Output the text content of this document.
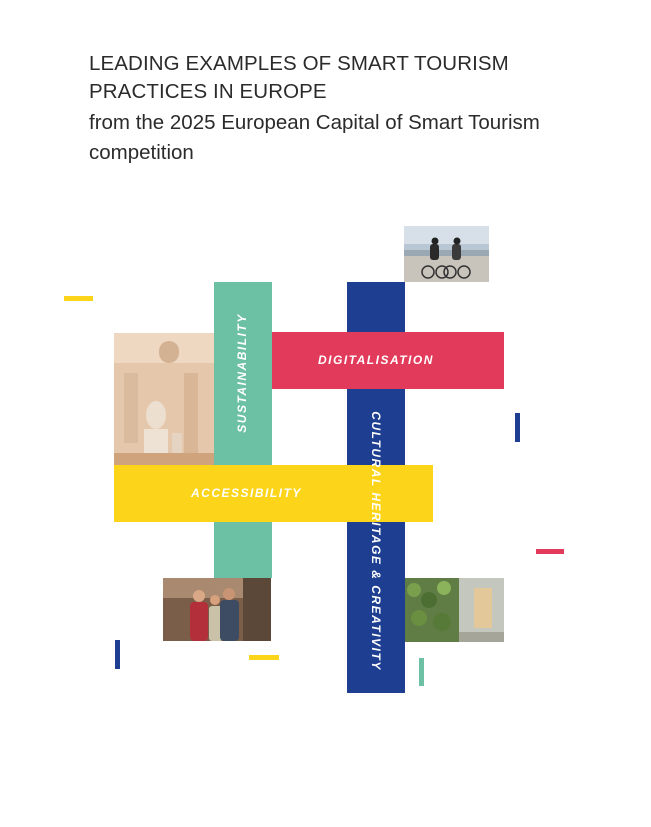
LEADING EXAMPLES OF SMART TOURISM
PRACTICES IN EUROPE
from the 2025 European Capital of Smart Tourism
competition
SUSTAINABILITY	DIGITALISATION
ACCESSIBILITY	CULTURAL HERITAGE & CREATIVITY
